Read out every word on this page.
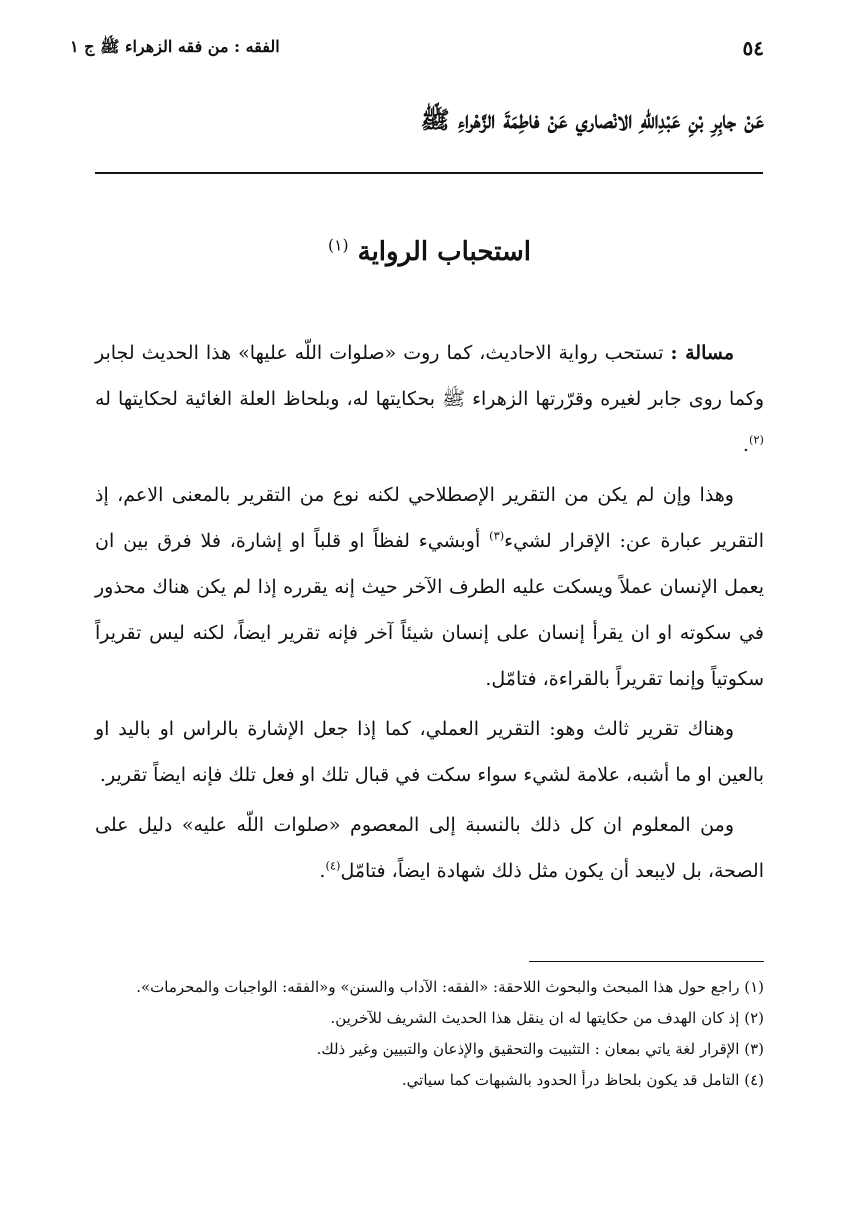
٥٤
الفقه : من فقه الزهراء ﷺ ج ١
عَنْ جابِرِ بْنِ عَبْدِاللّهِ الانْصاري عَنْ فاطِمَةَ الزَّهْراءِ ﷺ
استحباب الرواية $^{(١)}$

مسالة : تستحب رواية الاحاديث، كما روت «صلوات اللّه عليها» هذا الحديث لجابر وكما روى جابر لغيره وقرّرتها الزهراء ﷺ بحكايتها له، وبلحاظ العلة الغائية لحكايتها له $^{(٢)}$.

وهذا وإن لم يكن من التقرير الإصطلاحي لكنه نوع من التقرير بالمعنى الاعم، إذ التقرير عبارة عن: الإقرار لشيء$^{(٣)}$ أوبشيء لفظاً او قلباً او إشارة، فلا فرق بين ان يعمل الإنسان عملاً ويسكت عليه الطرف الآخر حيث إنه يقرره إذا لم يكن هناك محذور في سكوته او ان يقرأ إنسان على إنسان شيئاً آخر فإنه تقرير ايضاً، لكنه ليس تقريراً سكوتياً وإنما تقريراً بالقراءة، فتامّل.

وهناك تقرير ثالث وهو: التقرير العملي، كما إذا جعل الإشارة بالراس او باليد او بالعين او ما أشبه، علامة لشيء سواء سكت في قبال تلك او فعل تلك فإنه ايضاً تقرير.

ومن المعلوم ان كل ذلك بالنسبة إلى المعصوم «صلوات اللّه عليه» دليل على الصحة، بل لايبعد أن يكون مثل ذلك شهادة ايضاً، فتامّل$^{(٤)}$.

(١) راجع حول هذا المبحث والبحوث اللاحقة: «الفقه: الآداب والسنن» و«الفقه: الواجبات والمحرمات».

(٢) إذ كان الهدف من حكايتها له ان ينقل هذا الحديث الشريف للآخرين.

(٣) الإقرار لغة ياتي بمعان : التثبيت والتحقيق والإذعان والتبيين وغير ذلك.

(٤) التامل قد يكون بلحاظ درأ الحدود بالشبهات كما سياتي.
